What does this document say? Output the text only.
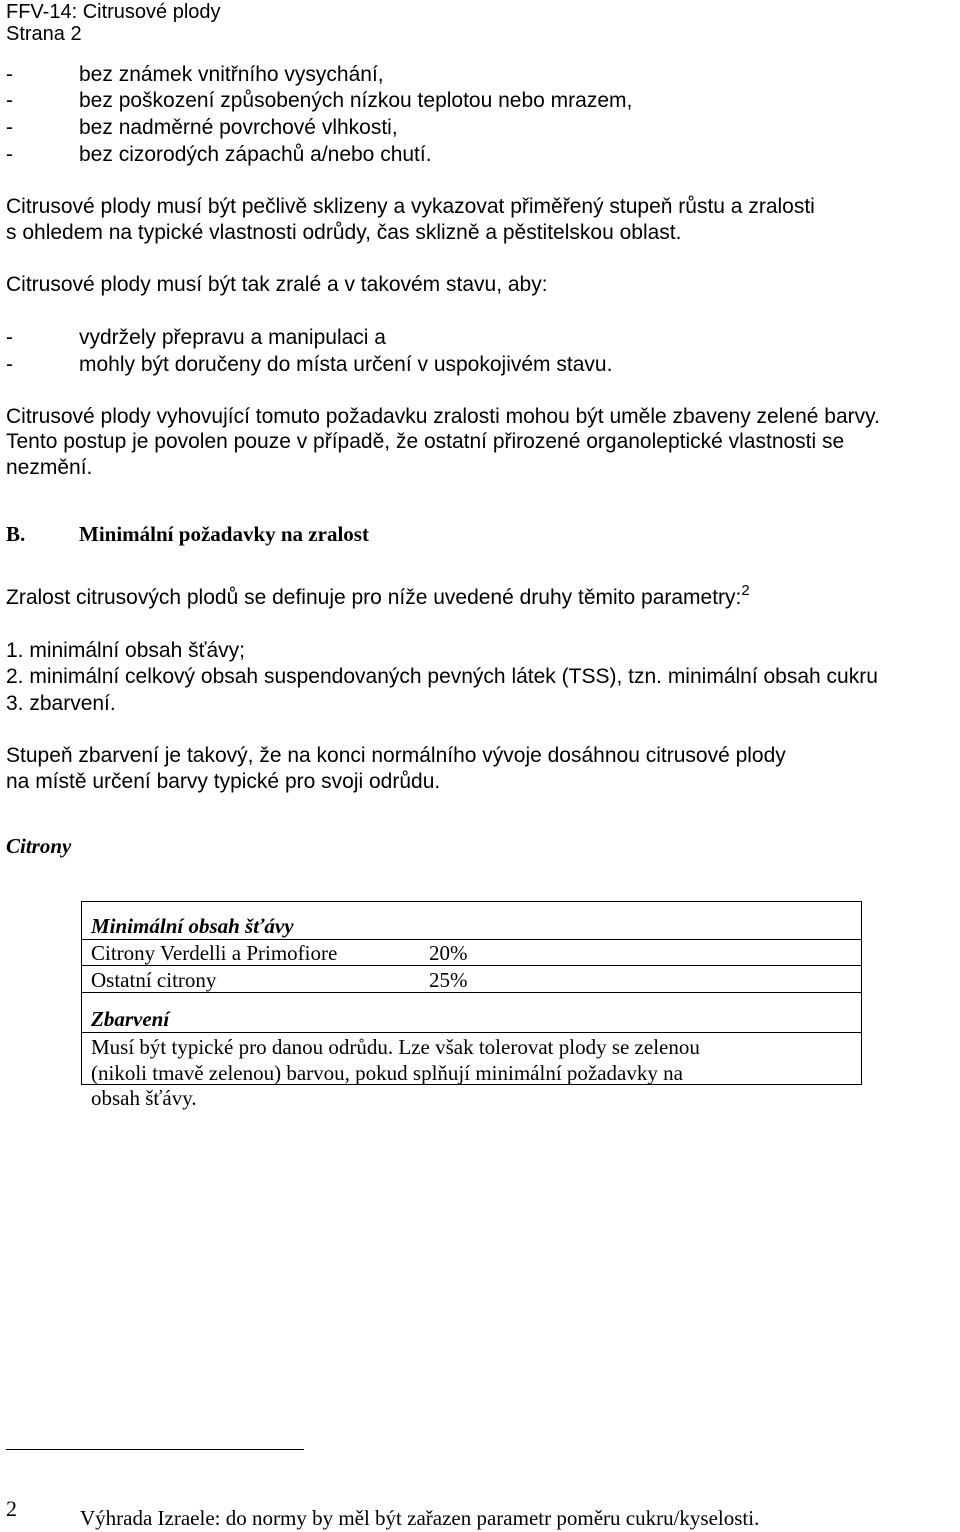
FFV-14: Citrusové plody
Strana 2
-	bez známek vnitřního vysychání,
-	bez poškození způsobených nízkou teplotou nebo mrazem,
-	bez nadměrné povrchové vlhkosti,
-	bez cizorodých zápachů a/nebo chutí.
Citrusové plody musí být pečlivě sklizeny a vykazovat přiměřený stupeň růstu a zralosti
s ohledem na typické vlastnosti odrůdy, čas sklizně a pěstitelskou oblast.
Citrusové plody musí být tak zralé a v takovém stavu, aby:
-	vydržely přepravu a manipulaci a
-	mohly být doručeny do místa určení v uspokojivém stavu.
Citrusové plody vyhovující tomuto požadavku zralosti mohou být uměle zbaveny zelené barvy.
Tento postup je povolen pouze v případě, že ostatní přirozené organoleptické vlastnosti se
nezmění.
B.	Minimální požadavky na zralost
Zralost citrusových plodů se definuje pro níže uvedené druhy těmito parametry:$^2$
1. minimální obsah šťávy;
2. minimální celkový obsah suspendovaných pevných látek (TSS), tzn. minimální obsah cukru
3. zbarvení.
Stupeň zbarvení je takový, že na konci normálního vývoje dosáhnou citrusové plody
na místě určení barvy typické pro svoji odrůdu.
Citrony
Minimální obsah šťávy
Citrony Verdelli a Primofiore	20%
Ostatní citrony	25%
Zbarvení
Musí být typické pro danou odrůdu. Lze však tolerovat plody se zelenou
(nikoli tmavě zelenou) barvou, pokud splňují minimální požadavky na
obsah šťávy.
2	Výhrada Izraele: do normy by měl být zařazen parametr poměru cukru/kyselosti.
